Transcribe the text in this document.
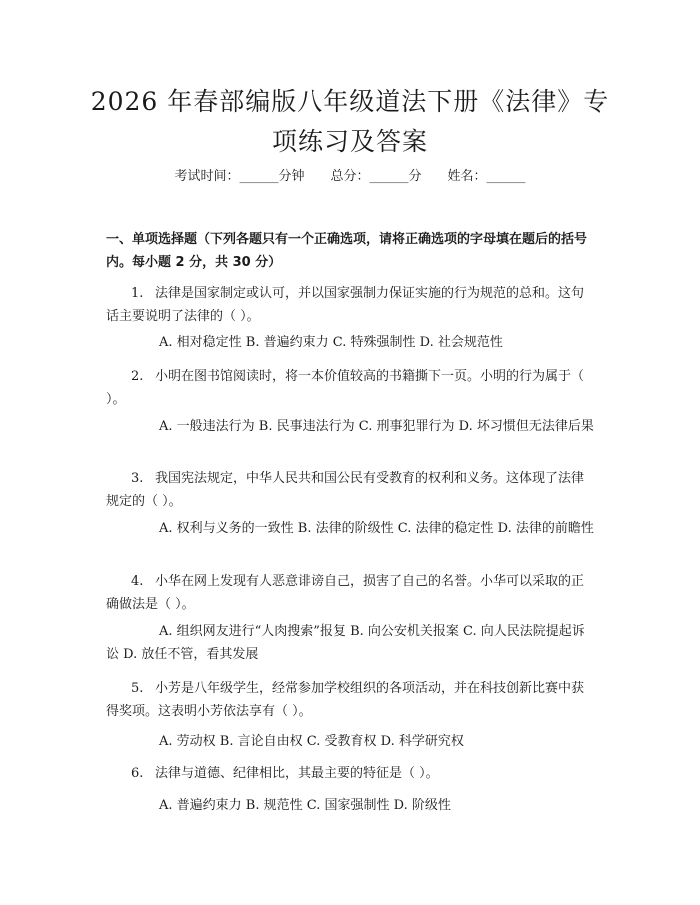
2026 年春部编版八年级道法下册《法律》专项练习及答案
考试时间：______分钟 总分：______分 姓名：______
一、单项选择题（下列各题只有一个正确选项，请将正确选项的字母填在题后的括号内。每小题 2 分，共 30 分）

1. 法律是国家制定或认可，并以国家强制力保证实施的行为规范的总和。这句话主要说明了法律的（ ）。

A. 相对稳定性 B. 普遍约束力 C. 特殊强制性 D. 社会规范性

2. 小明在图书馆阅读时，将一本价值较高的书籍撕下一页。小明的行为属于（ ）。

A. 一般违法行为 B. 民事违法行为 C. 刑事犯罪行为 D. 坏习惯但无法律后果

3. 我国宪法规定，中华人民共和国公民有受教育的权利和义务。这体现了法律规定的（ ）。

A. 权利与义务的一致性 B. 法律的阶级性 C. 法律的稳定性 D. 法律的前瞻性

4. 小华在网上发现有人恶意诽谤自己，损害了自己的名誉。小华可以采取的正确做法是（ ）。

A. 组织网友进行“人肉搜索”报复 B. 向公安机关报案 C. 向人民法院提起诉讼 D. 放任不管，看其发展

5. 小芳是八年级学生，经常参加学校组织的各项活动，并在科技创新比赛中获得奖项。这表明小芳依法享有（ ）。

A. 劳动权 B. 言论自由权 C. 受教育权 D. 科学研究权

6. 法律与道德、纪律相比，其最主要的特征是（ ）。

A. 普遍约束力 B. 规范性 C. 国家强制性 D. 阶级性
